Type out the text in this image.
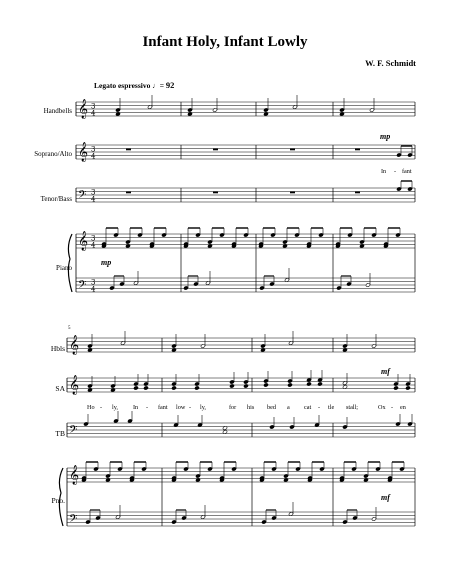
Infant Holy, Infant Lowly
W. F. Schmidt
Legato espressivo ♩= 92
Handbells
Soprano/Alto
Tenor/Bass
Piano
Hbls
SA
TB
Pno.
5
mp
mp
mf
mf
In - fant
Ho - ly, In - fant low - ly,	for his bed a cat - tle stall;	Ox - en
𝄞 3
4
𝄞 3
4
𝄢 3
4
𝄞 3
4
𝄢 3
4
𝄞
𝄞
𝄢
𝄞
𝄢
